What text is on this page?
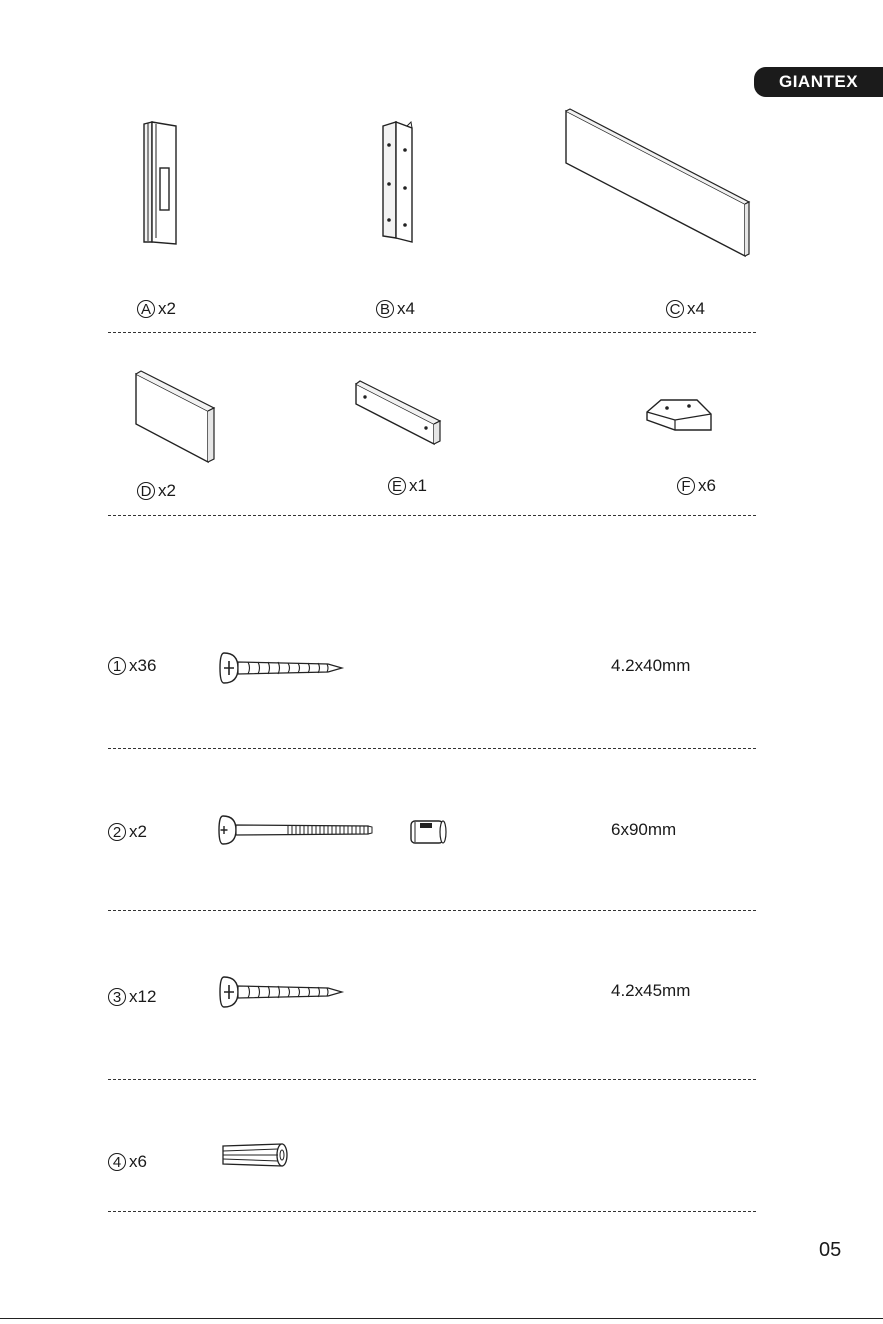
GIANTEX
A x2	B x4	C x4
D x2	E x1	F x6
1 x36	4.2x40mm
2 x2	6x90mm
3 x12	4.2x45mm
4 x6
05
